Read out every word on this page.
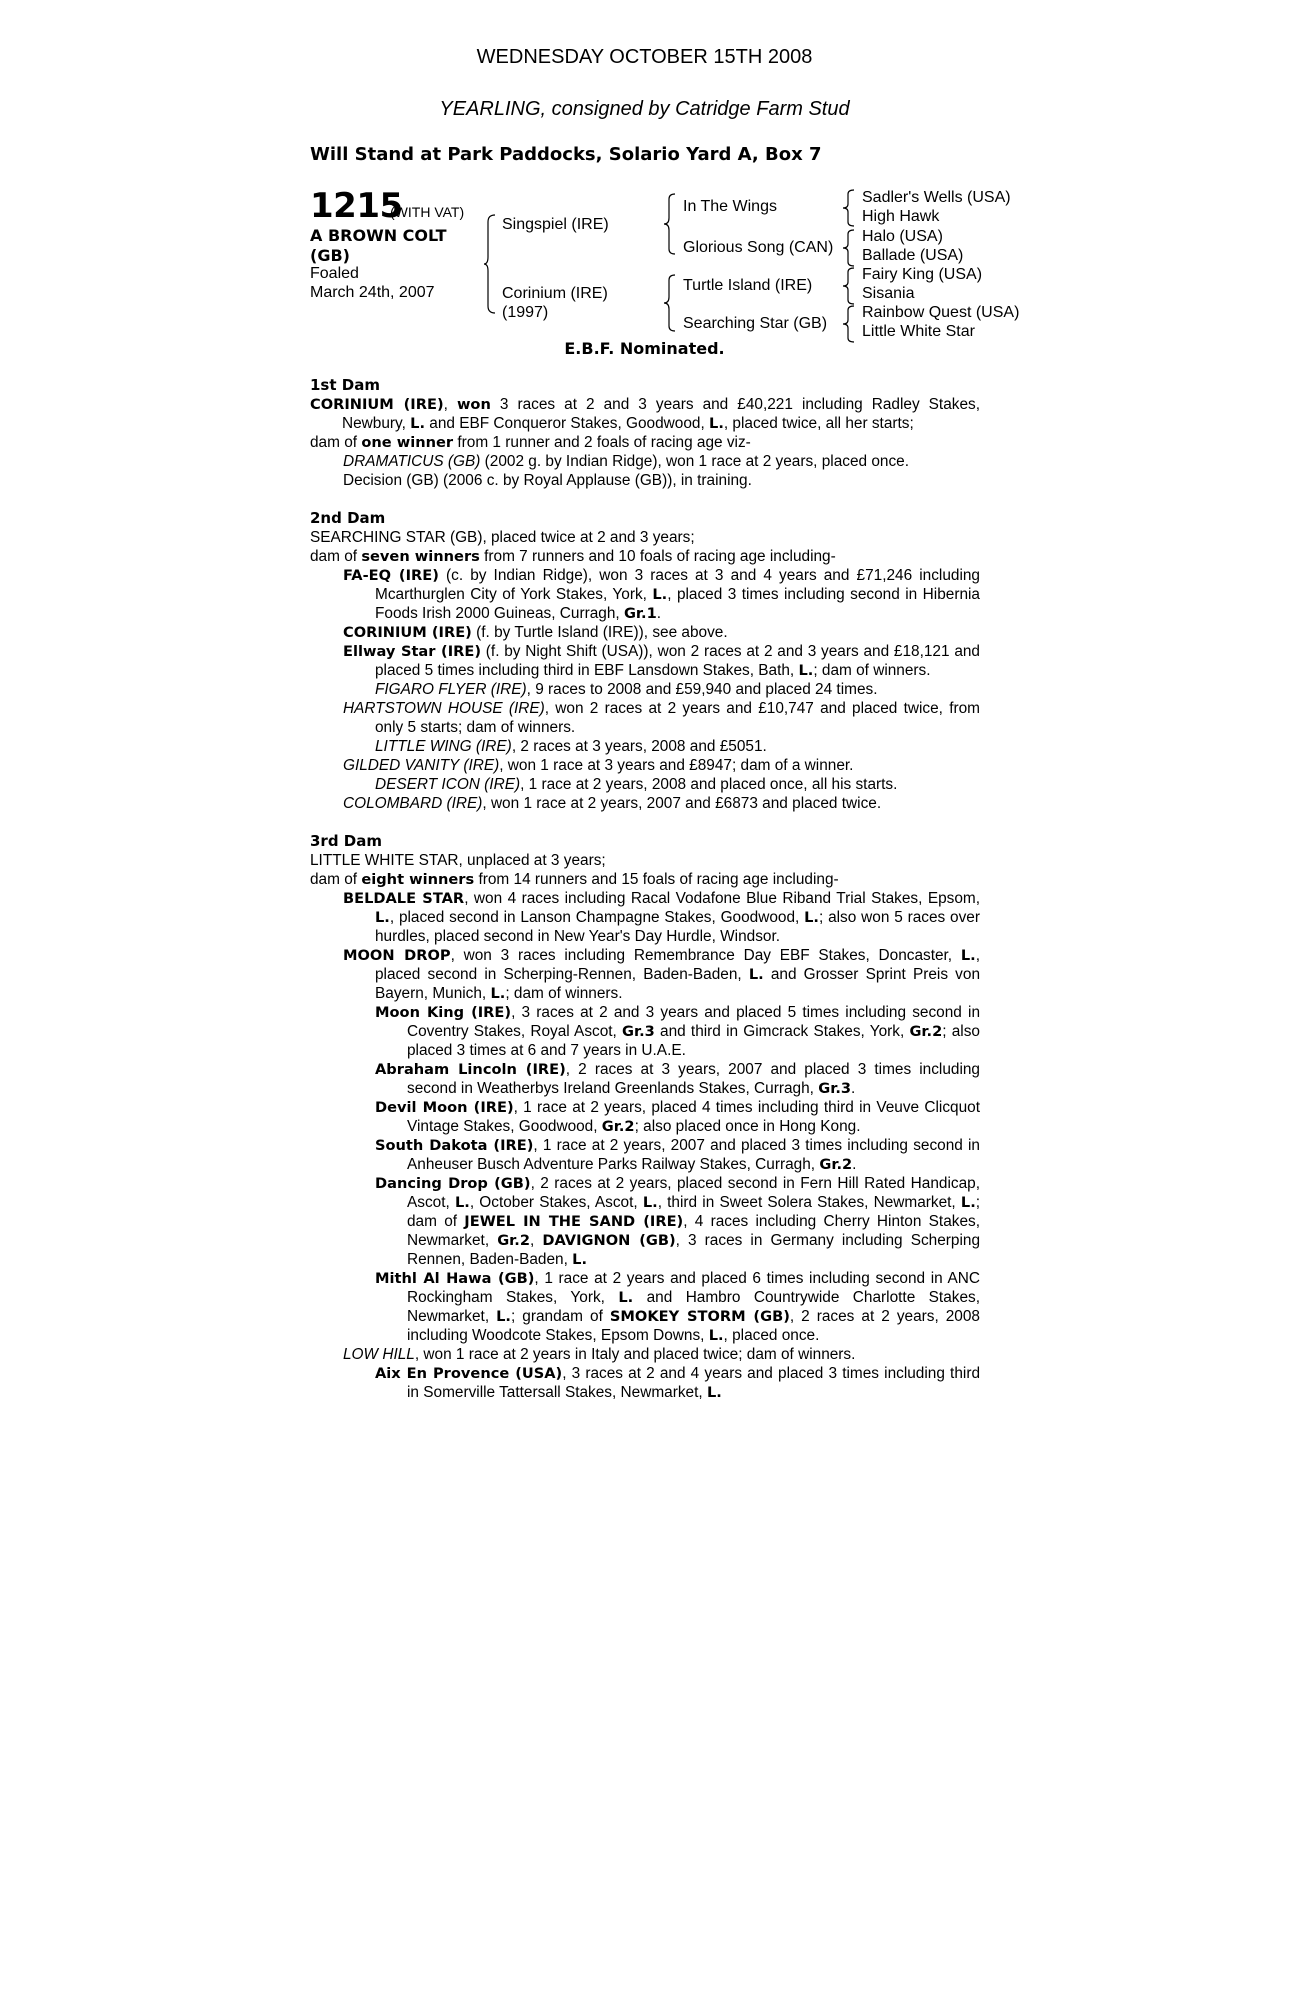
WEDNESDAY OCTOBER 15TH 2008
YEARLING, consigned by Catridge Farm Stud
Will Stand at Park Paddocks, Solario Yard A, Box 7
1215
(WITH VAT)
A BROWN COLT (GB)
Foaled
March 24th, 2007
Singspiel (IRE)
Corinium (IRE)
(1997)
In The Wings
Glorious Song (CAN)
Turtle Island (IRE)
Searching Star (GB)
Sadler's Wells (USA)
High Hawk
Halo (USA)
Ballade (USA)
Fairy King (USA)
Sisania
Rainbow Quest (USA)
Little White Star
E.B.F. Nominated.
1st Dam

CORINIUM (IRE), won 3 races at 2 and 3 years and £40,221 including Radley Stakes, Newbury, L. and EBF Conqueror Stakes, Goodwood, L., placed twice, all her starts;

dam of one winner from 1 runner and 2 foals of racing age viz-

DRAMATICUS (GB) (2002 g. by Indian Ridge), won 1 race at 2 years, placed once.

Decision (GB) (2006 c. by Royal Applause (GB)), in training.

2nd Dam

SEARCHING STAR (GB), placed twice at 2 and 3 years;

dam of seven winners from 7 runners and 10 foals of racing age including-

FA-EQ (IRE) (c. by Indian Ridge), won 3 races at 3 and 4 years and £71,246 including Mcarthurglen City of York Stakes, York, L., placed 3 times including second in Hibernia Foods Irish 2000 Guineas, Curragh, Gr.1.

CORINIUM (IRE) (f. by Turtle Island (IRE)), see above.

Ellway Star (IRE) (f. by Night Shift (USA)), won 2 races at 2 and 3 years and £18,121 and placed 5 times including third in EBF Lansdown Stakes, Bath, L.; dam of winners.

FIGARO FLYER (IRE), 9 races to 2008 and £59,940 and placed 24 times.

HARTSTOWN HOUSE (IRE), won 2 races at 2 years and £10,747 and placed twice, from only 5 starts; dam of winners.

LITTLE WING (IRE), 2 races at 3 years, 2008 and £5051.

GILDED VANITY (IRE), won 1 race at 3 years and £8947; dam of a winner.

DESERT ICON (IRE), 1 race at 2 years, 2008 and placed once, all his starts.

COLOMBARD (IRE), won 1 race at 2 years, 2007 and £6873 and placed twice.

3rd Dam

LITTLE WHITE STAR, unplaced at 3 years;

dam of eight winners from 14 runners and 15 foals of racing age including-

BELDALE STAR, won 4 races including Racal Vodafone Blue Riband Trial Stakes, Epsom, L., placed second in Lanson Champagne Stakes, Goodwood, L.; also won 5 races over hurdles, placed second in New Year's Day Hurdle, Windsor.

MOON DROP, won 3 races including Remembrance Day EBF Stakes, Doncaster, L., placed second in Scherping-Rennen, Baden-Baden, L. and Grosser Sprint Preis von Bayern, Munich, L.; dam of winners.

Moon King (IRE), 3 races at 2 and 3 years and placed 5 times including second in Coventry Stakes, Royal Ascot, Gr.3 and third in Gimcrack Stakes, York, Gr.2; also placed 3 times at 6 and 7 years in U.A.E.

Abraham Lincoln (IRE), 2 races at 3 years, 2007 and placed 3 times including second in Weatherbys Ireland Greenlands Stakes, Curragh, Gr.3.

Devil Moon (IRE), 1 race at 2 years, placed 4 times including third in Veuve Clicquot Vintage Stakes, Goodwood, Gr.2; also placed once in Hong Kong.

South Dakota (IRE), 1 race at 2 years, 2007 and placed 3 times including second in Anheuser Busch Adventure Parks Railway Stakes, Curragh, Gr.2.

Dancing Drop (GB), 2 races at 2 years, placed second in Fern Hill Rated Handicap, Ascot, L., October Stakes, Ascot, L., third in Sweet Solera Stakes, Newmarket, L.; dam of JEWEL IN THE SAND (IRE), 4 races including Cherry Hinton Stakes, Newmarket, Gr.2, DAVIGNON (GB), 3 races in Germany including Scherping Rennen, Baden-Baden, L.

Mithl Al Hawa (GB), 1 race at 2 years and placed 6 times including second in ANC Rockingham Stakes, York, L. and Hambro Countrywide Charlotte Stakes, Newmarket, L.; grandam of SMOKEY STORM (GB), 2 races at 2 years, 2008 including Woodcote Stakes, Epsom Downs, L., placed once.

LOW HILL, won 1 race at 2 years in Italy and placed twice; dam of winners.

Aix En Provence (USA), 3 races at 2 and 4 years and placed 3 times including third in Somerville Tattersall Stakes, Newmarket, L.
